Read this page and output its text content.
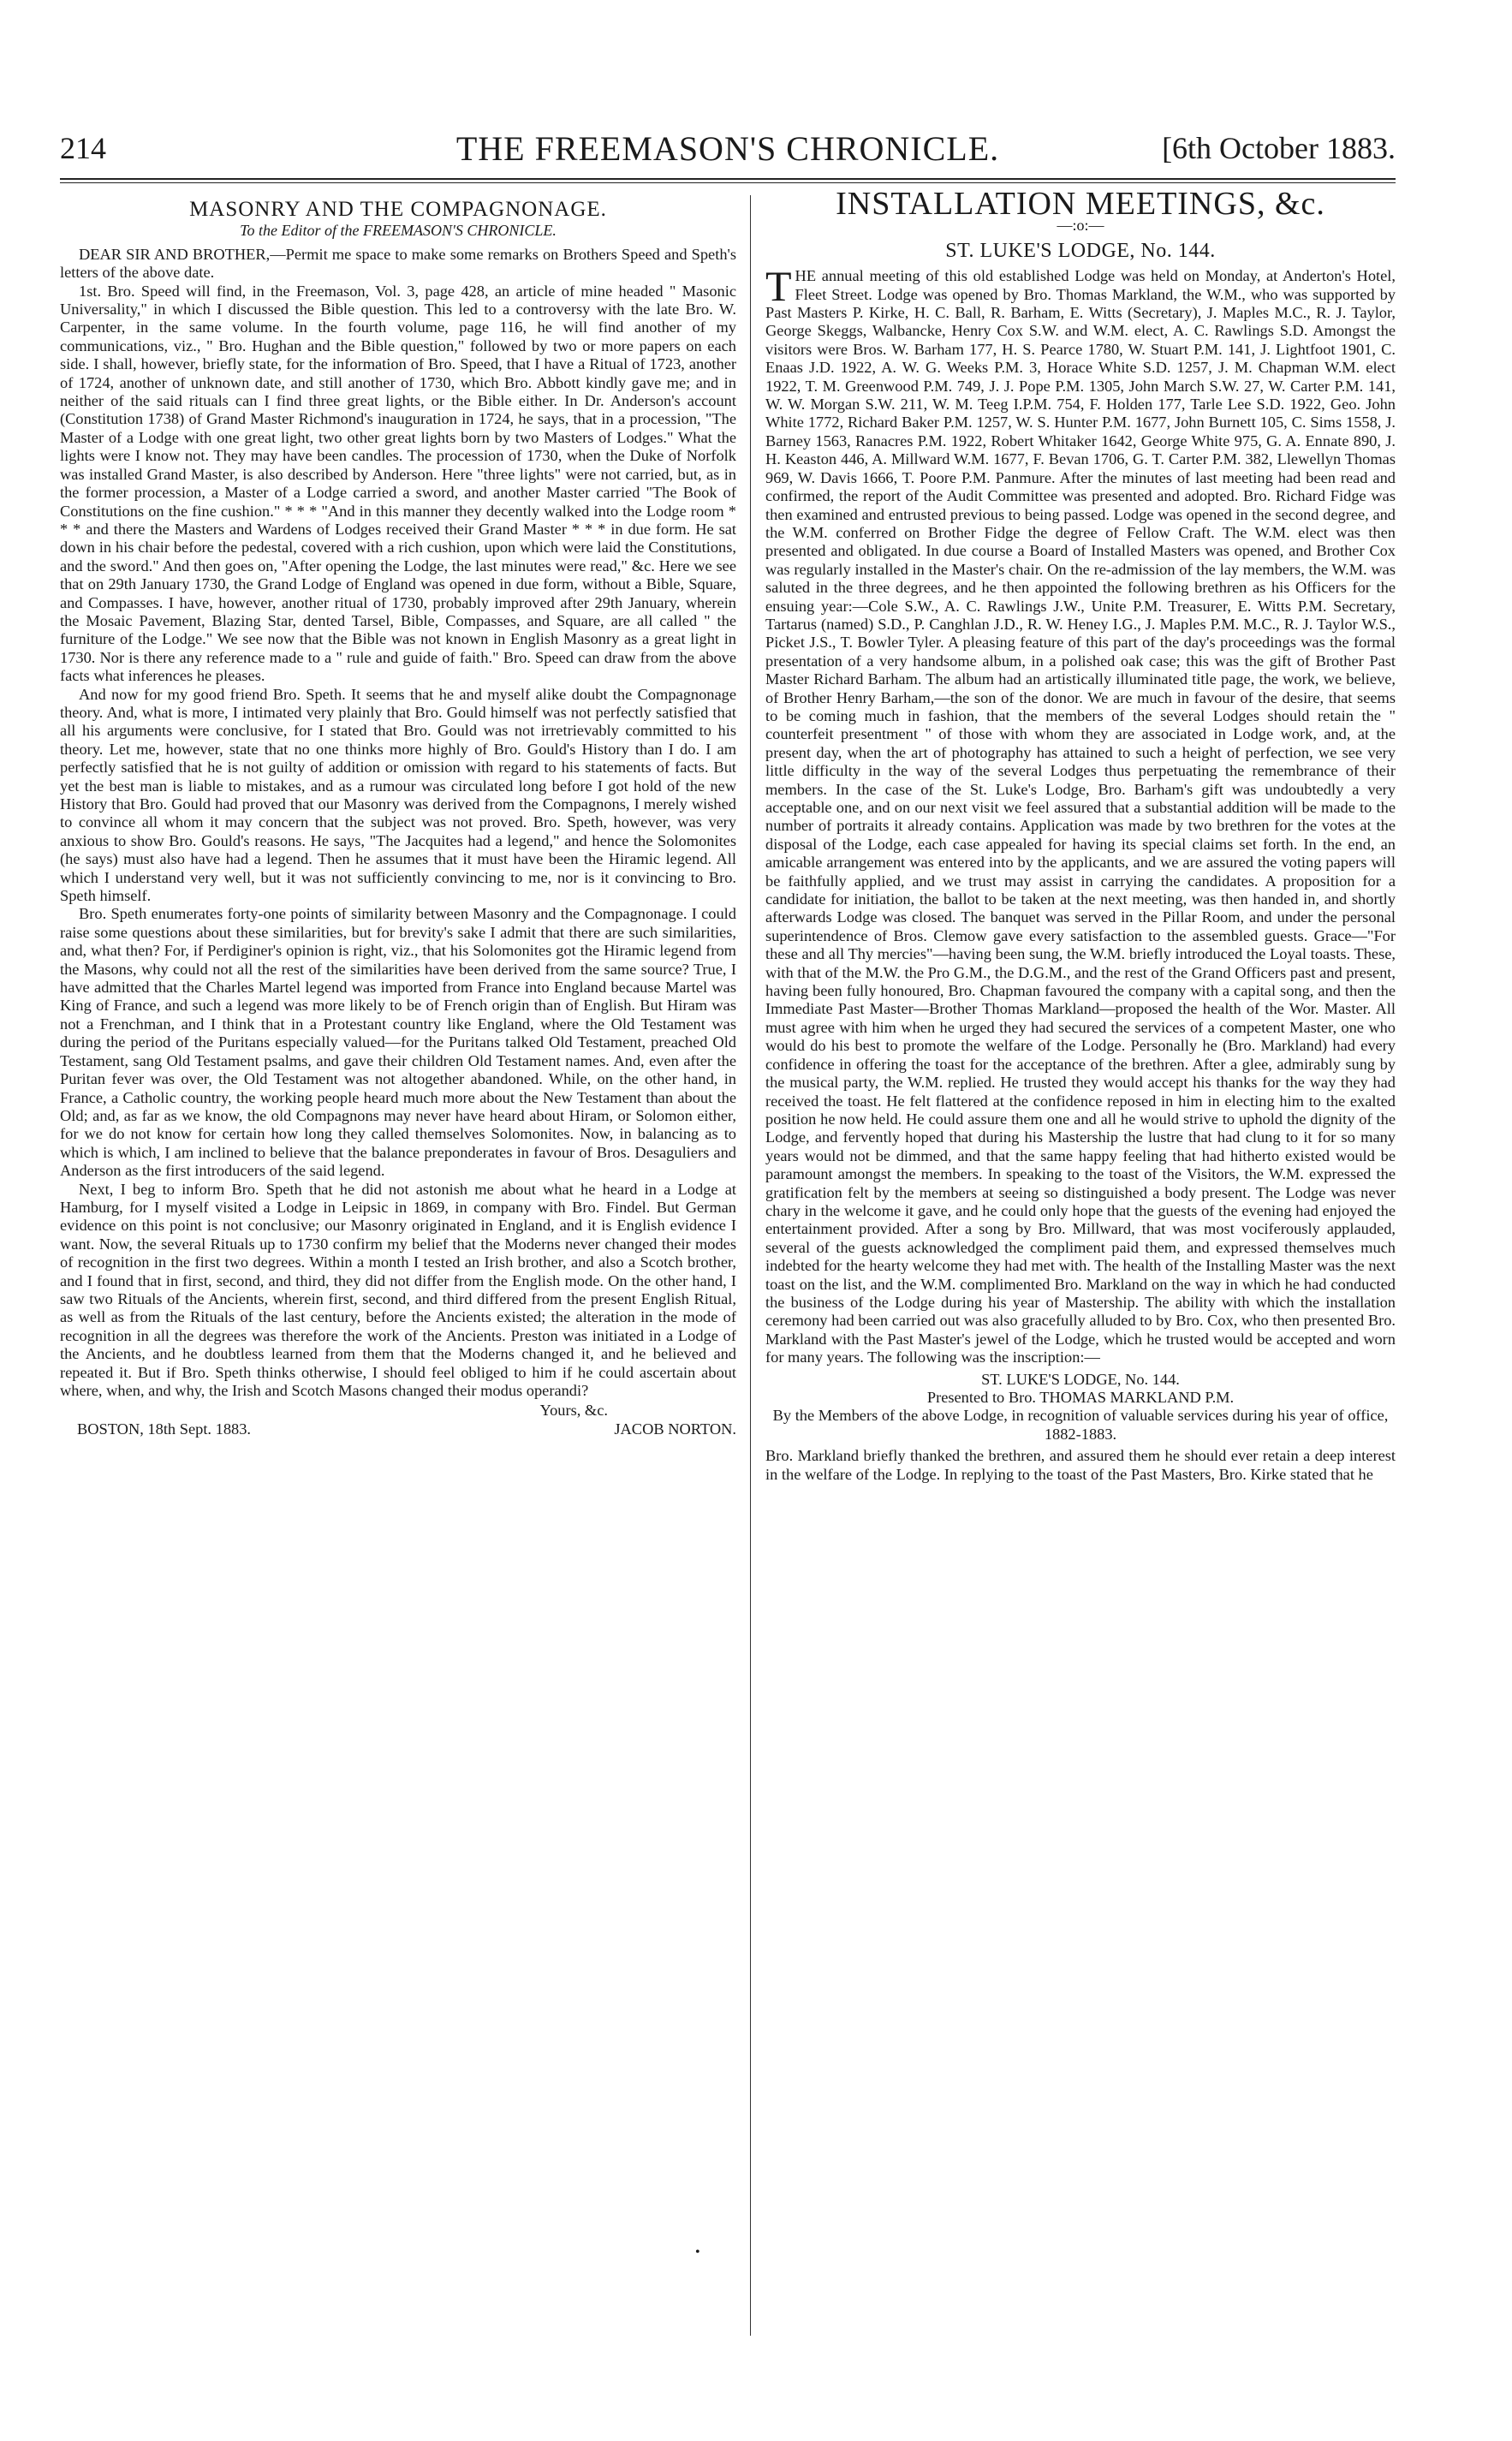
THE FREEMASON'S CHRONICLE.
214	[6th October 1883.
MASONRY AND THE COMPAGNONAGE.
To the Editor of the FREEMASON'S CHRONICLE.

DEAR SIR AND BROTHER,—Permit me space to make some remarks on Brothers Speed and Speth's letters of the above date.

1st. Bro. Speed will find, in the Freemason, Vol. 3, page 428, an article of mine headed " Masonic Universality," in which I discussed the Bible question. This led to a controversy with the late Bro. W. Carpenter, in the same volume. In the fourth volume, page 116, he will find another of my communications, viz., " Bro. Hughan and the Bible question," followed by two or more papers on each side. I shall, however, briefly state, for the information of Bro. Speed, that I have a Ritual of 1723, another of 1724, another of unknown date, and still another of 1730, which Bro. Abbott kindly gave me; and in neither of the said rituals can I find three great lights, or the Bible either. In Dr. Anderson's account (Constitution 1738) of Grand Master Richmond's inauguration in 1724, he says, that in a procession, "The Master of a Lodge with one great light, two other great lights born by two Masters of Lodges." What the lights were I know not. They may have been candles. The procession of 1730, when the Duke of Norfolk was installed Grand Master, is also described by Anderson. Here "three lights" were not carried, but, as in the former procession, a Master of a Lodge carried a sword, and another Master carried "The Book of Constitutions on the fine cushion." * * * "And in this manner they decently walked into the Lodge room * * * and there the Masters and Wardens of Lodges received their Grand Master * * * in due form. He sat down in his chair before the pedestal, covered with a rich cushion, upon which were laid the Constitutions, and the sword." And then goes on, "After opening the Lodge, the last minutes were read," &c. Here we see that on 29th January 1730, the Grand Lodge of England was opened in due form, without a Bible, Square, and Compasses. I have, however, another ritual of 1730, probably improved after 29th January, wherein the Mosaic Pavement, Blazing Star, dented Tarsel, Bible, Compasses, and Square, are all called " the furniture of the Lodge." We see now that the Bible was not known in English Masonry as a great light in 1730. Nor is there any reference made to a " rule and guide of faith." Bro. Speed can draw from the above facts what inferences he pleases.

And now for my good friend Bro. Speth. It seems that he and myself alike doubt the Compagnonage theory. And, what is more, I intimated very plainly that Bro. Gould himself was not perfectly satisfied that all his arguments were conclusive, for I stated that Bro. Gould was not irretrievably committed to his theory. Let me, however, state that no one thinks more highly of Bro. Gould's History than I do. I am perfectly satisfied that he is not guilty of addition or omission with regard to his statements of facts. But yet the best man is liable to mistakes, and as a rumour was circulated long before I got hold of the new History that Bro. Gould had proved that our Masonry was derived from the Compagnons, I merely wished to convince all whom it may concern that the subject was not proved. Bro. Speth, however, was very anxious to show Bro. Gould's reasons. He says, "The Jacquites had a legend," and hence the Solomonites (he says) must also have had a legend. Then he assumes that it must have been the Hiramic legend. All which I understand very well, but it was not sufficiently convincing to me, nor is it convincing to Bro. Speth himself.

Bro. Speth enumerates forty-one points of similarity between Masonry and the Compagnonage. I could raise some questions about these similarities, but for brevity's sake I admit that there are such similarities, and, what then? For, if Perdiginer's opinion is right, viz., that his Solomonites got the Hiramic legend from the Masons, why could not all the rest of the similarities have been derived from the same source? True, I have admitted that the Charles Martel legend was imported from France into England because Martel was King of France, and such a legend was more likely to be of French origin than of English. But Hiram was not a Frenchman, and I think that in a Protestant country like England, where the Old Testament was during the period of the Puritans especially valued—for the Puritans talked Old Testament, preached Old Testament, sang Old Testament psalms, and gave their children Old Testament names. And, even after the Puritan fever was over, the Old Testament was not altogether abandoned. While, on the other hand, in France, a Catholic country, the working people heard much more about the New Testament than about the Old; and, as far as we know, the old Compagnons may never have heard about Hiram, or Solomon either, for we do not know for certain how long they called themselves Solomonites. Now, in balancing as to which is which, I am inclined to believe that the balance preponderates in favour of Bros. Desaguliers and Anderson as the first introducers of the said legend.

Next, I beg to inform Bro. Speth that he did not astonish me about what he heard in a Lodge at Hamburg, for I myself visited a Lodge in Leipsic in 1869, in company with Bro. Findel. But German evidence on this point is not conclusive; our Masonry originated in England, and it is English evidence I want. Now, the several Rituals up to 1730 confirm my belief that the Moderns never changed their modes of recognition in the first two degrees. Within a month I tested an Irish brother, and also a Scotch brother, and I found that in first, second, and third, they did not differ from the English mode. On the other hand, I saw two Rituals of the Ancients, wherein first, second, and third differed from the present English Ritual, as well as from the Rituals of the last century, before the Ancients existed; the alteration in the mode of recognition in all the degrees was therefore the work of the Ancients. Preston was initiated in a Lodge of the Ancients, and he doubtless learned from them that the Moderns changed it, and he believed and repeated it. But if Bro. Speth thinks otherwise, I should feel obliged to him if he could ascertain about where, when, and why, the Irish and Scotch Masons changed their modus operandi?

Yours, &c.
BOSTON, 18th Sept. 1883.	JACOB NORTON.
INSTALLATION MEETINGS, &c.
—:o:—
ST. LUKE'S LODGE, No. 144.

THE annual meeting of this old established Lodge was held on Monday, at Anderton's Hotel, Fleet Street. Lodge was opened by Bro. Thomas Markland, the W.M., who was supported by Past Masters P. Kirke, H. C. Ball, R. Barham, E. Witts (Secretary), J. Maples M.C., R. J. Taylor, George Skeggs, Walbancke, Henry Cox S.W. and W.M. elect, A. C. Rawlings S.D. Amongst the visitors were Bros. W. Barham 177, H. S. Pearce 1780, W. Stuart P.M. 141, J. Lightfoot 1901, C. Enaas J.D. 1922, A. W. G. Weeks P.M. 3, Horace White S.D. 1257, J. M. Chapman W.M. elect 1922, T. M. Greenwood P.M. 749, J. J. Pope P.M. 1305, John March S.W. 27, W. Carter P.M. 141, W. W. Morgan S.W. 211, W. M. Teeg I.P.M. 754, F. Holden 177, Tarle Lee S.D. 1922, Geo. John White 1772, Richard Baker P.M. 1257, W. S. Hunter P.M. 1677, John Burnett 105, C. Sims 1558, J. Barney 1563, Ranacres P.M. 1922, Robert Whitaker 1642, George White 975, G. A. Ennate 890, J. H. Keaston 446, A. Millward W.M. 1677, F. Bevan 1706, G. T. Carter P.M. 382, Llewellyn Thomas 969, W. Davis 1666, T. Poore P.M. Panmure. After the minutes of last meeting had been read and confirmed, the report of the Audit Committee was presented and adopted. Bro. Richard Fidge was then examined and entrusted previous to being passed. Lodge was opened in the second degree, and the W.M. conferred on Brother Fidge the degree of Fellow Craft. The W.M. elect was then presented and obligated. In due course a Board of Installed Masters was opened, and Brother Cox was regularly installed in the Master's chair. On the re-admission of the lay members, the W.M. was saluted in the three degrees, and he then appointed the following brethren as his Officers for the ensuing year:—Cole S.W., A. C. Rawlings J.W., Unite P.M. Treasurer, E. Witts P.M. Secretary, Tartarus (named) S.D., P. Canghlan J.D., R. W. Heney I.G., J. Maples P.M. M.C., R. J. Taylor W.S., Picket J.S., T. Bowler Tyler. A pleasing feature of this part of the day's proceedings was the formal presentation of a very handsome album, in a polished oak case; this was the gift of Brother Past Master Richard Barham. The album had an artistically illuminated title page, the work, we believe, of Brother Henry Barham,—the son of the donor. We are much in favour of the desire, that seems to be coming much in fashion, that the members of the several Lodges should retain the " counterfeit presentment " of those with whom they are associated in Lodge work, and, at the present day, when the art of photography has attained to such a height of perfection, we see very little difficulty in the way of the several Lodges thus perpetuating the remembrance of their members. In the case of the St. Luke's Lodge, Bro. Barham's gift was undoubtedly a very acceptable one, and on our next visit we feel assured that a substantial addition will be made to the number of portraits it already contains. Application was made by two brethren for the votes at the disposal of the Lodge, each case appealed for having its special claims set forth. In the end, an amicable arrangement was entered into by the applicants, and we are assured the voting papers will be faithfully applied, and we trust may assist in carrying the candidates. A proposition for a candidate for initiation, the ballot to be taken at the next meeting, was then handed in, and shortly afterwards Lodge was closed. The banquet was served in the Pillar Room, and under the personal superintendence of Bros. Clemow gave every satisfaction to the assembled guests. Grace—"For these and all Thy mercies"—having been sung, the W.M. briefly introduced the Loyal toasts. These, with that of the M.W. the Pro G.M., the D.G.M., and the rest of the Grand Officers past and present, having been fully honoured, Bro. Chapman favoured the company with a capital song, and then the Immediate Past Master—Brother Thomas Markland—proposed the health of the Wor. Master. All must agree with him when he urged they had secured the services of a competent Master, one who would do his best to promote the welfare of the Lodge. Personally he (Bro. Markland) had every confidence in offering the toast for the acceptance of the brethren. After a glee, admirably sung by the musical party, the W.M. replied. He trusted they would accept his thanks for the way they had received the toast. He felt flattered at the confidence reposed in him in electing him to the exalted position he now held. He could assure them one and all he would strive to uphold the dignity of the Lodge, and fervently hoped that during his Mastership the lustre that had clung to it for so many years would not be dimmed, and that the same happy feeling that had hitherto existed would be paramount amongst the members. In speaking to the toast of the Visitors, the W.M. expressed the gratification felt by the members at seeing so distinguished a body present. The Lodge was never chary in the welcome it gave, and he could only hope that the guests of the evening had enjoyed the entertainment provided. After a song by Bro. Millward, that was most vociferously applauded, several of the guests acknowledged the compliment paid them, and expressed themselves much indebted for the hearty welcome they had met with. The health of the Installing Master was the next toast on the list, and the W.M. complimented Bro. Markland on the way in which he had conducted the business of the Lodge during his year of Mastership. The ability with which the installation ceremony had been carried out was also gracefully alluded to by Bro. Cox, who then presented Bro. Markland with the Past Master's jewel of the Lodge, which he trusted would be accepted and worn for many years. The following was the inscription:—

ST. LUKE'S LODGE, No. 144.

Presented to Bro. THOMAS MARKLAND P.M.

By the Members of the above Lodge, in recognition of valuable services during his year of office,

1882-1883.

Bro. Markland briefly thanked the brethren, and assured them he should ever retain a deep interest in the welfare of the Lodge. In replying to the toast of the Past Masters, Bro. Kirke stated that he

•
